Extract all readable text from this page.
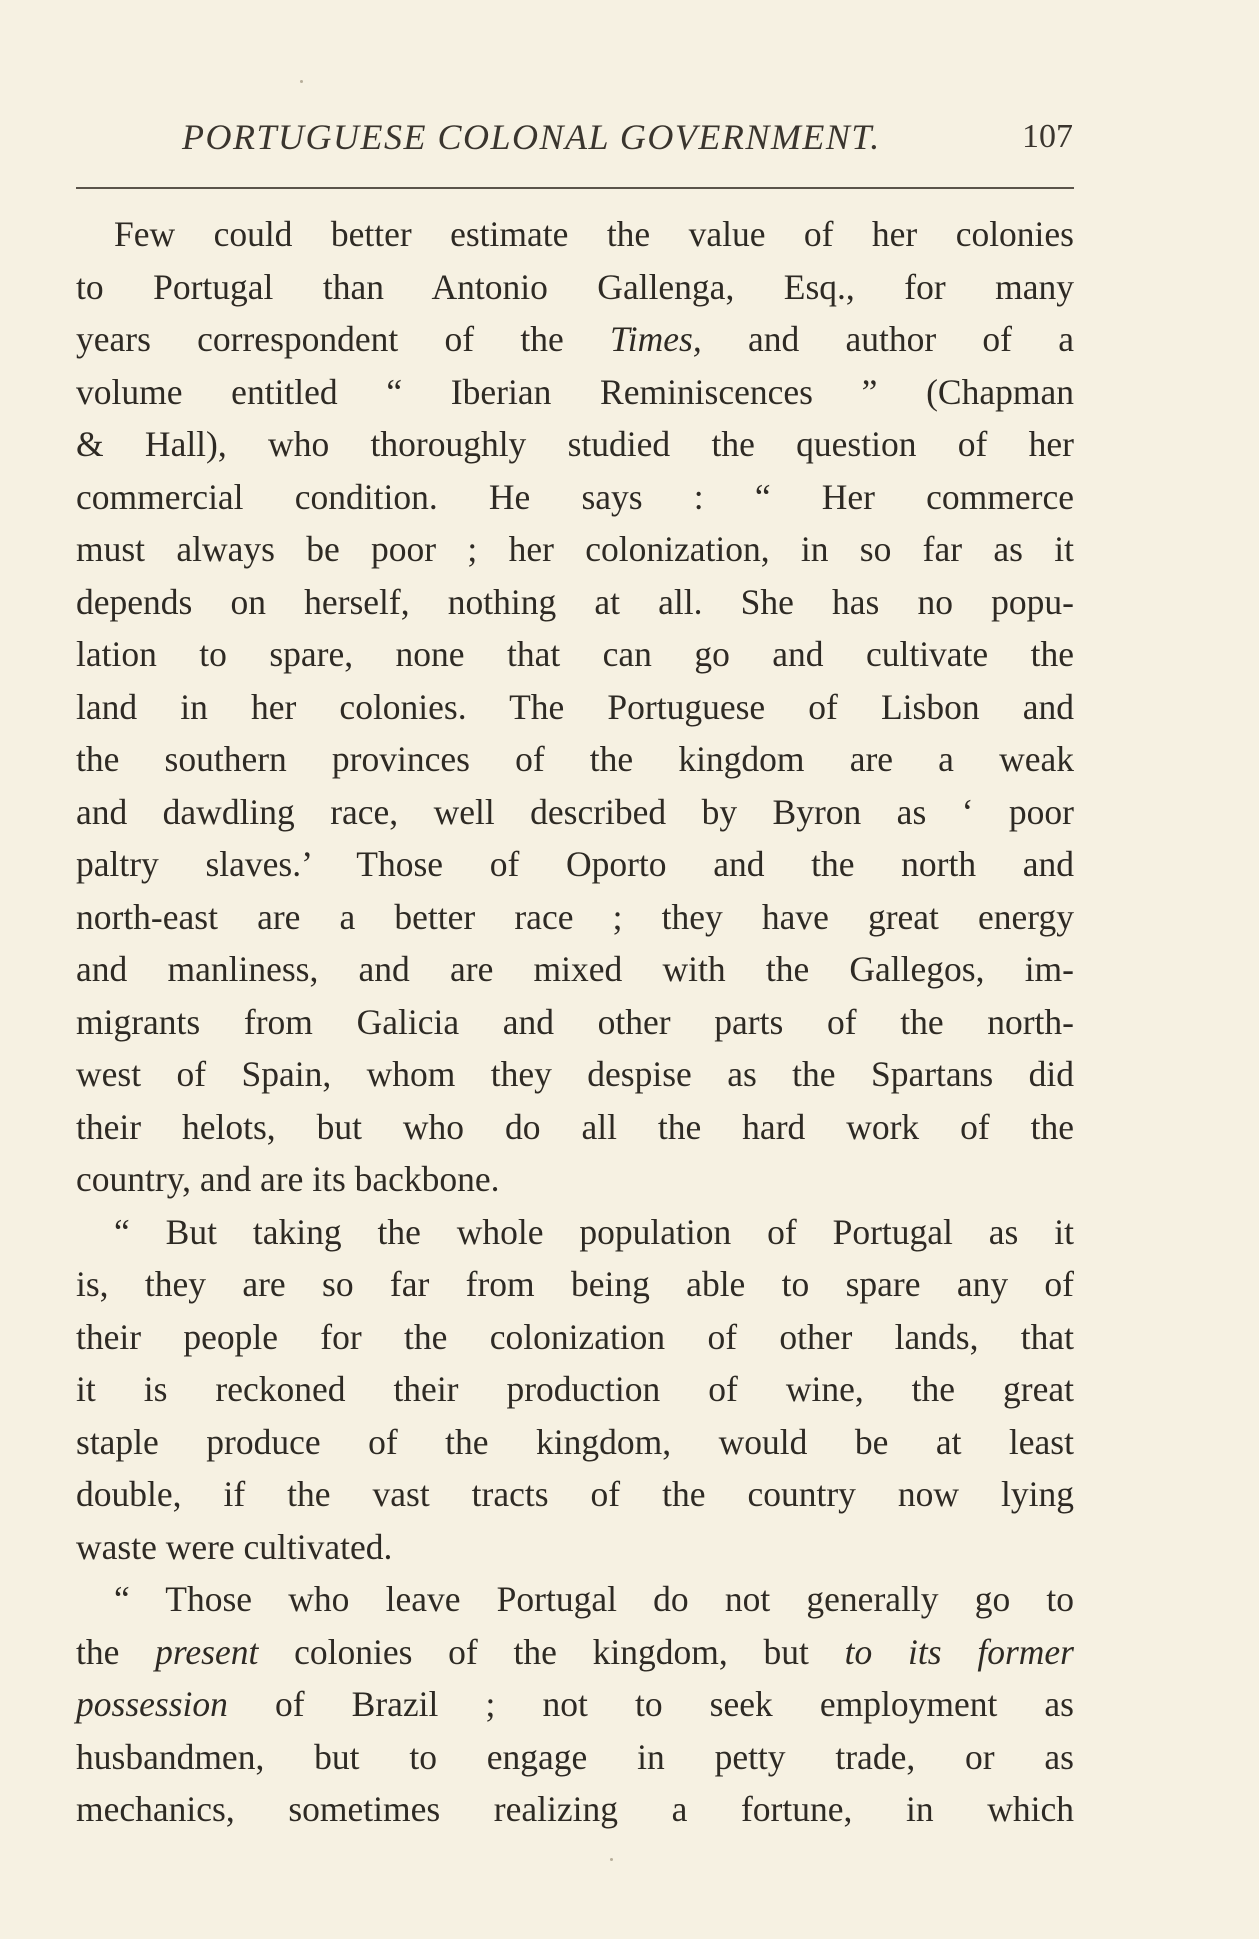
PORTUGUESE COLONAL GOVERNMENT.	107
Few could better estimate the value of her colonies
to Portugal than Antonio Gallenga, Esq., for many
years correspondent of the Times, and author of a
volume entitled “ Iberian Reminiscences ” (Chapman
& Hall), who thoroughly studied the question of her
commercial condition. He says : “ Her commerce
must always be poor ; her colonization, in so far as it
depends on herself, nothing at all. She has no popu-
lation to spare, none that can go and cultivate the
land in her colonies. The Portuguese of Lisbon and
the southern provinces of the kingdom are a weak
and dawdling race, well described by Byron as ‘ poor
paltry slaves.’ Those of Oporto and the north and
north-east are a better race ; they have great energy
and manliness, and are mixed with the Gallegos, im-
migrants from Galicia and other parts of the north-
west of Spain, whom they despise as the Spartans did
their helots, but who do all the hard work of the
country, and are its backbone.
“ But taking the whole population of Portugal as it
is, they are so far from being able to spare any of
their people for the colonization of other lands, that
it is reckoned their production of wine, the great
staple produce of the kingdom, would be at least
double, if the vast tracts of the country now lying
waste were cultivated.
“ Those who leave Portugal do not generally go to
the present colonies of the kingdom, but to its former
possession of Brazil ; not to seek employment as
husbandmen, but to engage in petty trade, or as
mechanics, sometimes realizing a fortune, in which
